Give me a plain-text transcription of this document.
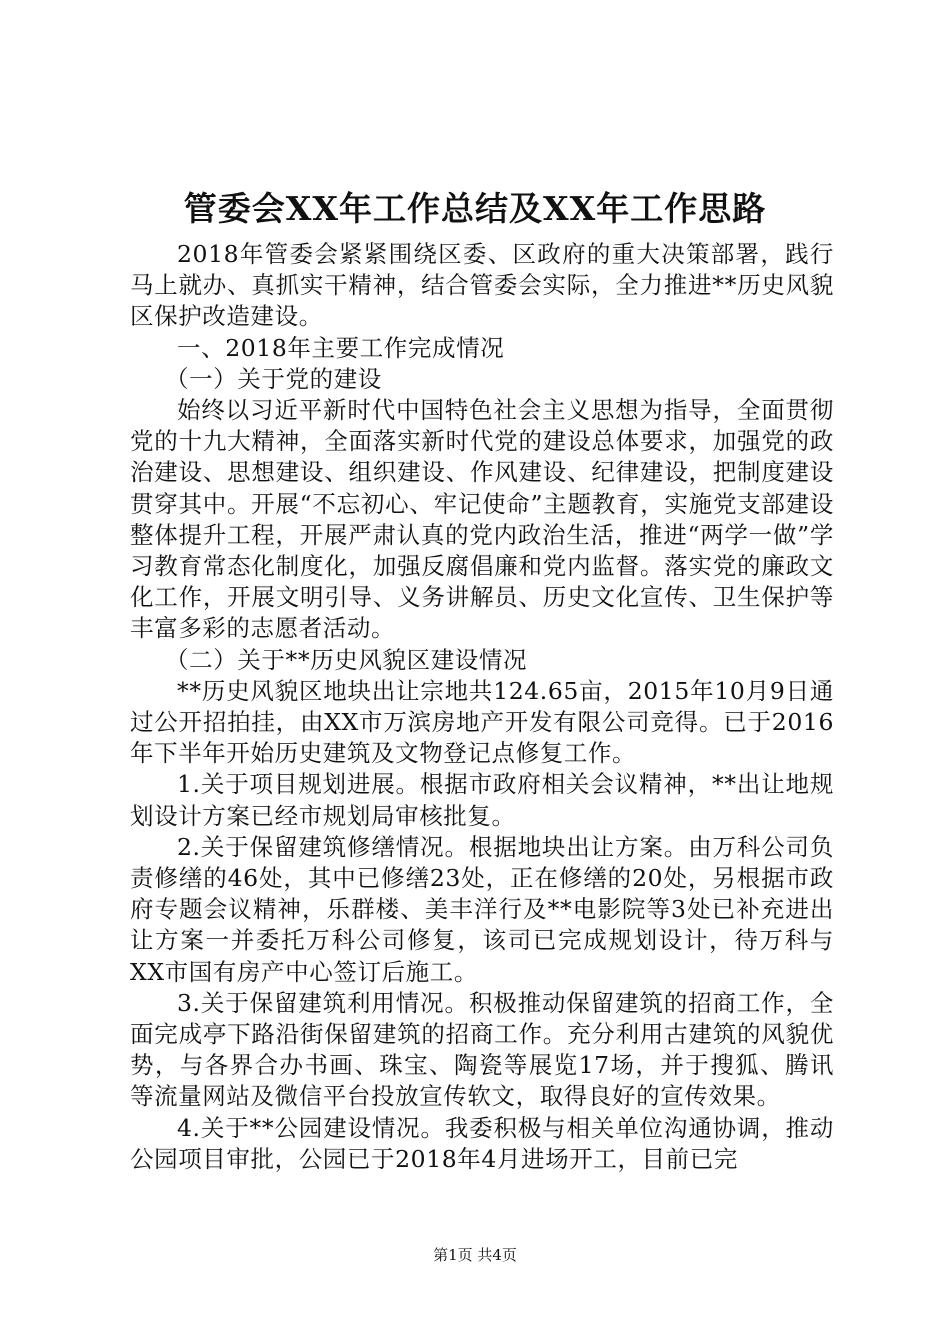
管委会XX年工作总结及XX年工作思路

2018年管委会紧紧围绕区委、区政府的重大决策部署，践行马上就办、真抓实干精神，结合管委会实际，全力推进**历史风貌区保护改造建设。

一、2018年主要工作完成情况

（一）关于党的建设

始终以习近平新时代中国特色社会主义思想为指导，全面贯彻党的十九大精神，全面落实新时代党的建设总体要求，加强党的政治建设、思想建设、组织建设、作风建设、纪律建设，把制度建设贯穿其中。开展“不忘初心、牢记使命”主题教育，实施党支部建设整体提升工程，开展严肃认真的党内政治生活，推进“两学一做”学习教育常态化制度化，加强反腐倡廉和党内监督。落实党的廉政文化工作，开展文明引导、义务讲解员、历史文化宣传、卫生保护等丰富多彩的志愿者活动。

（二）关于**历史风貌区建设情况

**历史风貌区地块出让宗地共124.65亩，2015年10月9日通过公开招拍挂，由XX市万滨房地产开发有限公司竞得。已于2016年下半年开始历史建筑及文物登记点修复工作。

1.关于项目规划进展。根据市政府相关会议精神，**出让地规划设计方案已经市规划局审核批复。

2.关于保留建筑修缮情况。根据地块出让方案。由万科公司负责修缮的46处，其中已修缮23处，正在修缮的20处，另根据市政府专题会议精神，乐群楼、美丰洋行及**电影院等3处已补充进出让方案一并委托万科公司修复，该司已完成规划设计，待万科与XX市国有房产中心签订后施工。

3.关于保留建筑利用情况。积极推动保留建筑的招商工作，全面完成亭下路沿街保留建筑的招商工作。充分利用古建筑的风貌优势，与各界合办书画、珠宝、陶瓷等展览17场，并于搜狐、腾讯等流量网站及微信平台投放宣传软文，取得良好的宣传效果。

4.关于**公园建设情况。我委积极与相关单位沟通协调，推动公园项目审批，公园已于2018年4月进场开工，目前已完

第1页 共4页
